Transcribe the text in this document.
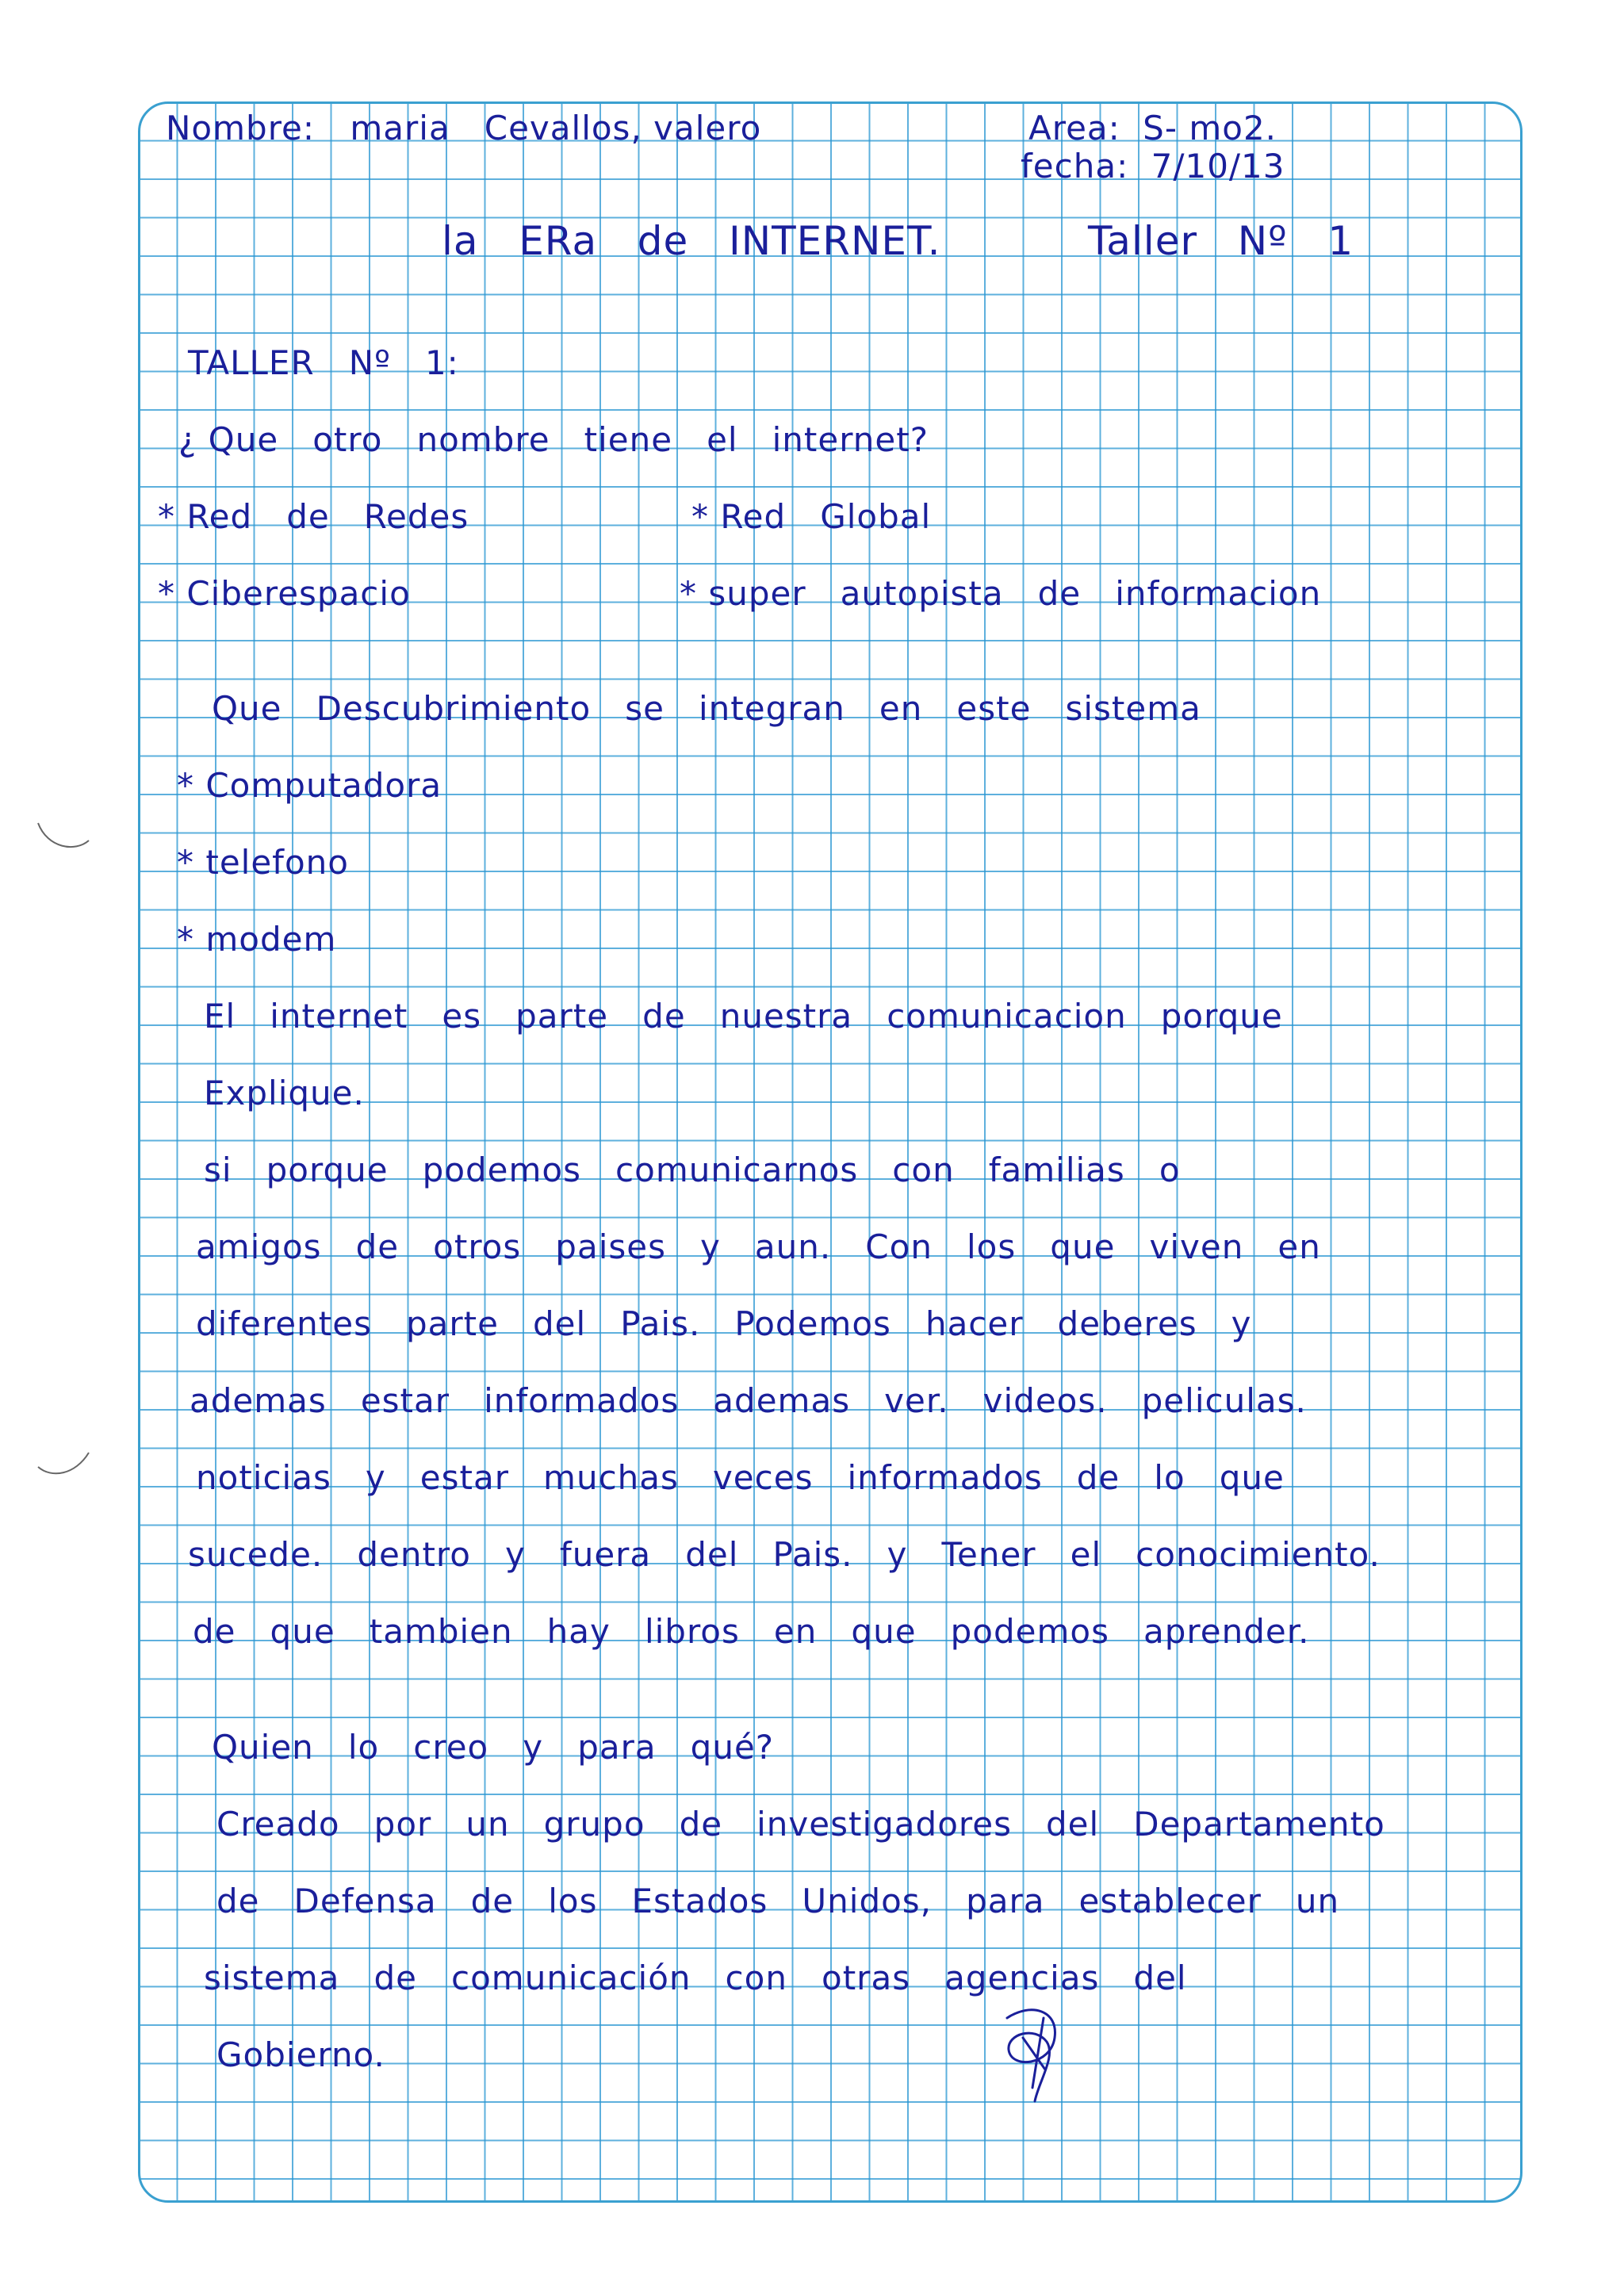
Nombre: maria   Cevallos, valero	Area: S- mo2.
fecha: 7/10/13
la   ERa   de   INTERNET.	Taller   Nº   1
TALLER   Nº   1:
¿ Que   otro   nombre   tiene   el   internet?
* Red   de   Redes	* Red   Global
* Ciberespacio	* super   autopista   de   informacion
Que   Descubrimiento   se   integran   en   este   sistema
* Computadora
* telefono
* modem
El   internet   es   parte   de   nuestra   comunicacion   porque
Explique.
si   porque   podemos   comunicarnos   con   familias   o
amigos   de   otros   paises   y   aun.   Con   los   que   viven   en
diferentes   parte   del   Pais.   Podemos   hacer   deberes   y
ademas   estar   informados   ademas   ver.   videos.   peliculas.
noticias   y   estar   muchas   veces   informados   de   lo   que
sucede.   dentro   y   fuera   del   Pais.   y   Tener   el   conocimiento.
de   que   tambien   hay   libros   en   que   podemos   aprender.
Quien   lo   creo   y   para   qué?
Creado   por   un   grupo   de   investigadores   del   Departamento
de   Defensa   de   los   Estados   Unidos,   para   establecer   un
sistema   de   comunicación   con   otras   agencias   del
Gobierno.
